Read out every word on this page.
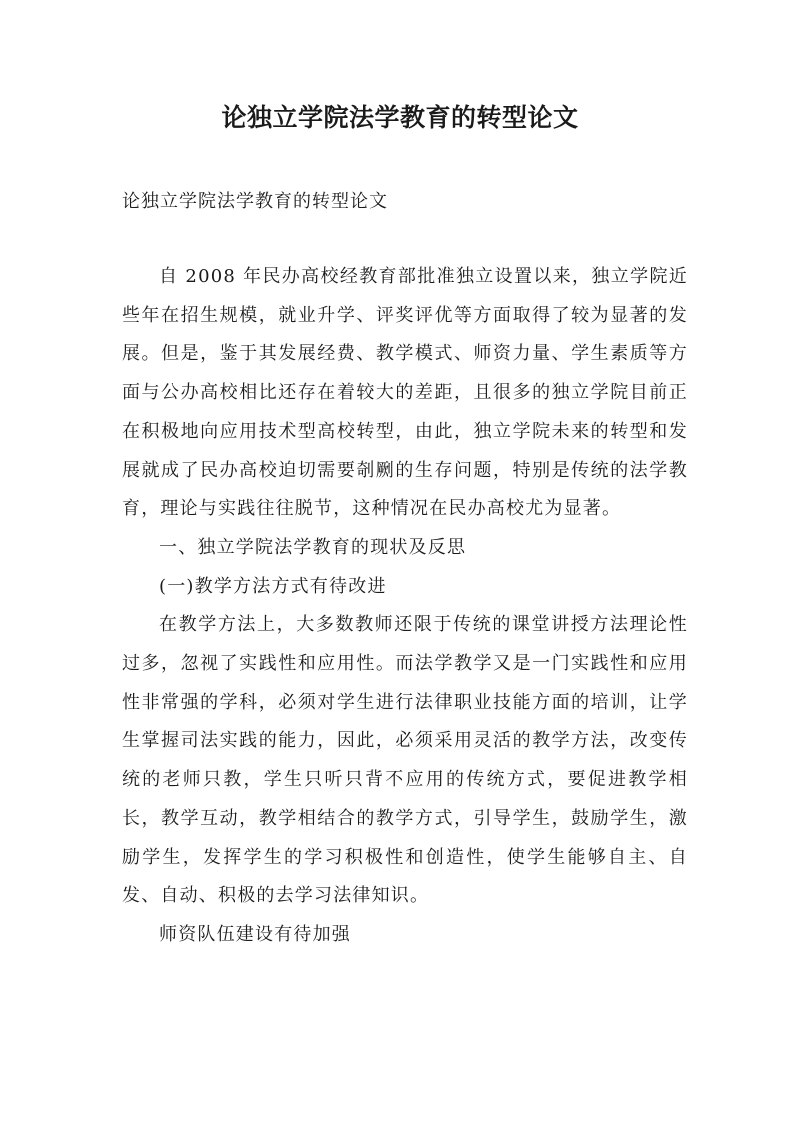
论独立学院法学教育的转型论文

论独立学院法学教育的转型论文

自 2008 年民办高校经教育部批准独立设置以来，独立学院近些年在招生规模，就业升学、评奖评优等方面取得了较为显著的发展。但是，鉴于其发展经费、教学模式、师资力量、学生素质等方面与公办高校相比还存在着较大的差距，且很多的独立学院目前正在积极地向应用技术型高校转型，由此，独立学院未来的转型和发展就成了民办高校迫切需要剞劂的生存问题，特别是传统的法学教育，理论与实践往往脱节，这种情况在民办高校尤为显著。

一、独立学院法学教育的现状及反思

(一)教学方法方式有待改进

在教学方法上，大多数教师还限于传统的课堂讲授方法理论性过多，忽视了实践性和应用性。而法学教学又是一门实践性和应用性非常强的学科，必须对学生进行法律职业技能方面的培训，让学生掌握司法实践的能力，因此，必须采用灵活的教学方法，改变传统的老师只教，学生只听只背不应用的传统方式，要促进教学相长，教学互动，教学相结合的教学方式，引导学生，鼓励学生，激励学生，发挥学生的学习积极性和创造性，使学生能够自主、自发、自动、积极的去学习法律知识。

师资队伍建设有待加强
